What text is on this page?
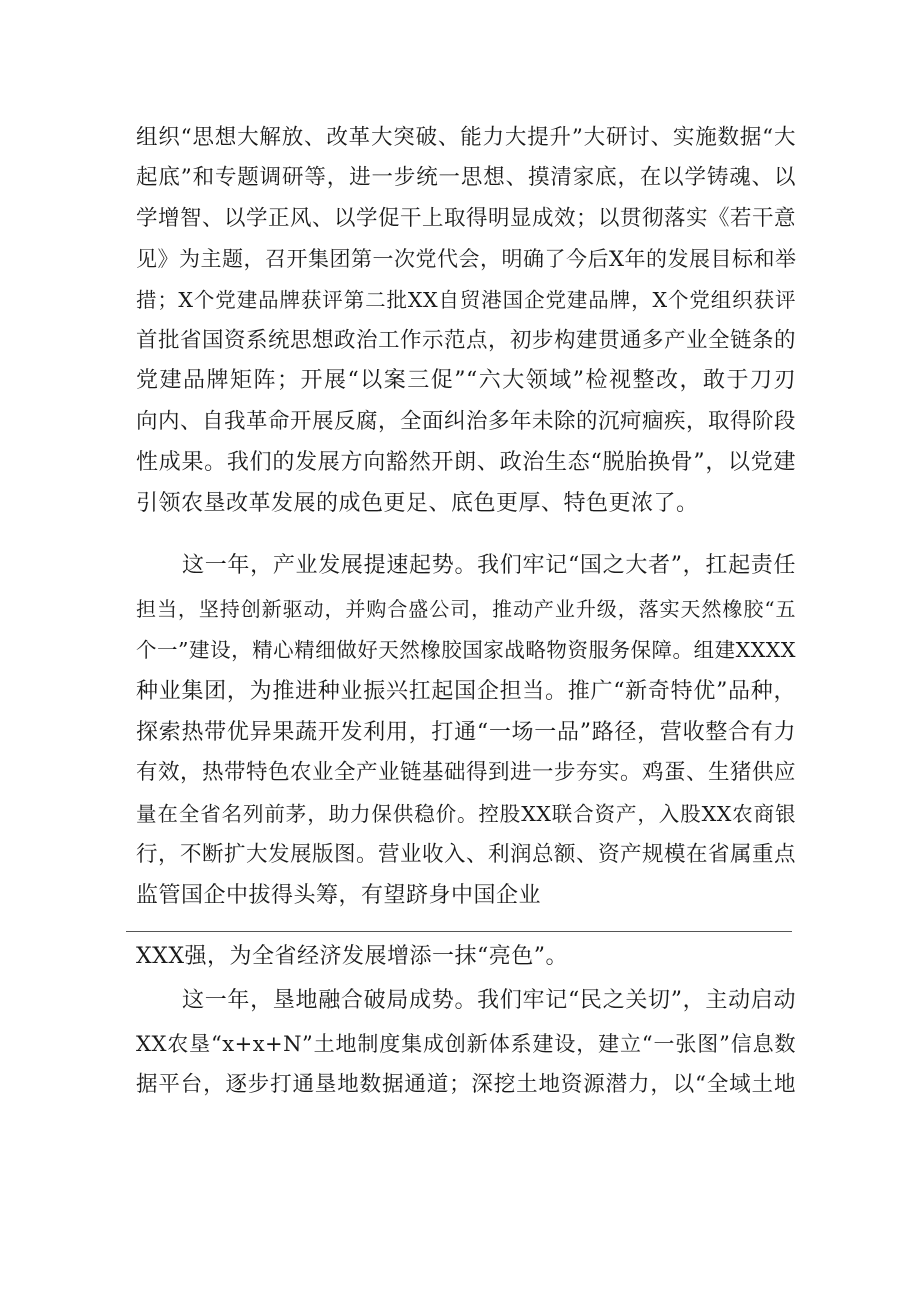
组织“思想大解放、改革大突破、能力大提升”大研讨、实施数据“大
起底”和专题调研等，进一步统一思想、摸清家底，在以学铸魂、以
学增智、以学正风、以学促干上取得明显成效；以贯彻落实《若干意
见》为主题，召开集团第一次党代会，明确了今后X年的发展目标和举
措；X个党建品牌获评第二批XX自贸港国企党建品牌，X个党组织获评
首批省国资系统思想政治工作示范点，初步构建贯通多产业全链条的
党建品牌矩阵；开展“以案三促”“六大领域”检视整改，敢于刀刃
向内、自我革命开展反腐，全面纠治多年未除的沉疴痼疾，取得阶段
性成果。我们的发展方向豁然开朗、政治生态“脱胎换骨”，以党建
引领农垦改革发展的成色更足、底色更厚、特色更浓了。
这一年，产业发展提速起势。我们牢记“国之大者”，扛起责任
担当，坚持创新驱动，并购合盛公司，推动产业升级，落实天然橡胶“五
个一”建设，精心精细做好天然橡胶国家战略物资服务保障。组建XXXX
种业集团，为推进种业振兴扛起国企担当。推广“新奇特优”品种，
探索热带优异果蔬开发利用，打通“一场一品”路径，营收整合有力
有效，热带特色农业全产业链基础得到进一步夯实。鸡蛋、生猪供应
量在全省名列前茅，助力保供稳价。控股XX联合资产，入股XX农商银
行，不断扩大发展版图。营业收入、利润总额、资产规模在省属重点
监管国企中拔得头筹，有望跻身中国企业
XXX强，为全省经济发展增添一抹“亮色”。
这一年，垦地融合破局成势。我们牢记“民之关切”，主动启动
XX农垦“x+x+N”土地制度集成创新体系建设，建立“一张图”信息数
据平台，逐步打通垦地数据通道；深挖土地资源潜力，以“全域土地
